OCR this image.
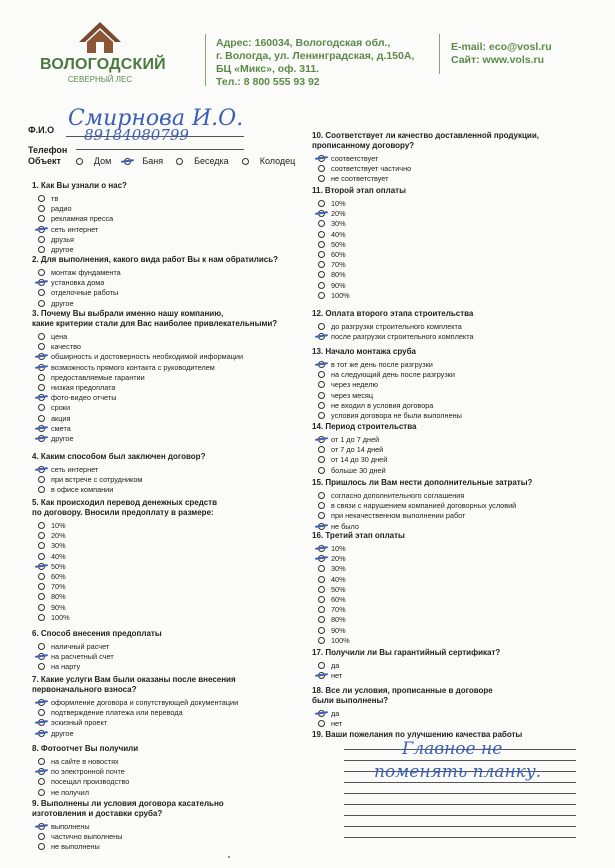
ВОЛОГОДСКИЙ
СЕВЕРНЫЙ ЛЕС
Адрес: 160034, Вологодская обл.,
г. Вологда, ул. Ленинградская, д.150А,
БЦ «Микс», оф. 311.
Тел.: 8 800 555 93 92
E-mail: eco@vosl.ru
Сайт: www.vols.ru
Ф.И.О Смирнова И.О.
Телефон
89184080799
Объект	Дом	Баня	Беседка	Колодец
1. Как Вы узнали о нас?
тв
радио
рекламная пресса
сеть интернет
друзья
другое
2. Для выполнения, какого вида работ Вы к нам обратились?
монтаж фундамента
установка дома
отделочные работы
другое
3. Почему Вы выбрали именно нашу компанию,
какие критерии стали для Вас наиболее привлекательными?
цена
качество
обширность и достоверность необходимой информации
возможность прямого контакта с руководителем
предоставляемые гарантии
низкая предоплата
фото-видео отчеты
сроки
акция
смета
другое
4. Каким способом был заключен договор?
сеть интернет
при встрече с сотрудником
в офисе компании
5. Как происходил перевод денежных средств
по договору. Вносили предоплату в размере:
10%
20%
30%
40%
50%
60%
70%
80%
90%
100%
6. Способ внесения предоплаты
наличный расчет
на расчетный счет
на нарту
7. Какие услуги Вам были оказаны после внесения
первоначального взноса?
оформление договора и сопутствующей документации
подтверждение платежа или перевода
эскизный проект
другое
8. Фотоотчет Вы получили
на сайте в новостях
по электронной почте
посещал производство
не получил
9. Выполнены ли условия договора касательно
изготовления и доставки сруба?
выполнены
частично выполнены
не выполнены
10. Соответствует ли качество доставленной продукции,
прописанному договору?
соответствует
соответствует частично
не соответствует
11. Второй этап оплаты
10%
20%
30%
40%
50%
60%
70%
80%
90%
100%
12. Оплата второго этапа строительства
до разгрузки строительного комплекта
после разгрузки строительного комплекта
13. Начало монтажа сруба
в тот же день после разгрузки
на следующий день после разгрузки
через неделю
через месяц
не входил в условия договора
условия договора не были выполнены
14. Период строительства
от 1 до 7 дней
от 7 до 14 дней
от 14 до 30 дней
больше 30 дней
15. Пришлось ли Вам нести дополнительные затраты?
согласно дополнительного соглашения
в связи с нарушением компанией договорных условий
при некачественном выполнении работ
не было
16. Третий этап оплаты
10%
20%
30%
40%
50%
60%
70%
80%
90%
100%
17. Получили ли Вы гарантийный сертификат?
да
нет
18. Все ли условия, прописанные в договоре
были выполнены?
да
нет
19. Ваши пожелания по улучшению качества работы
Главное не
поменять планку.
